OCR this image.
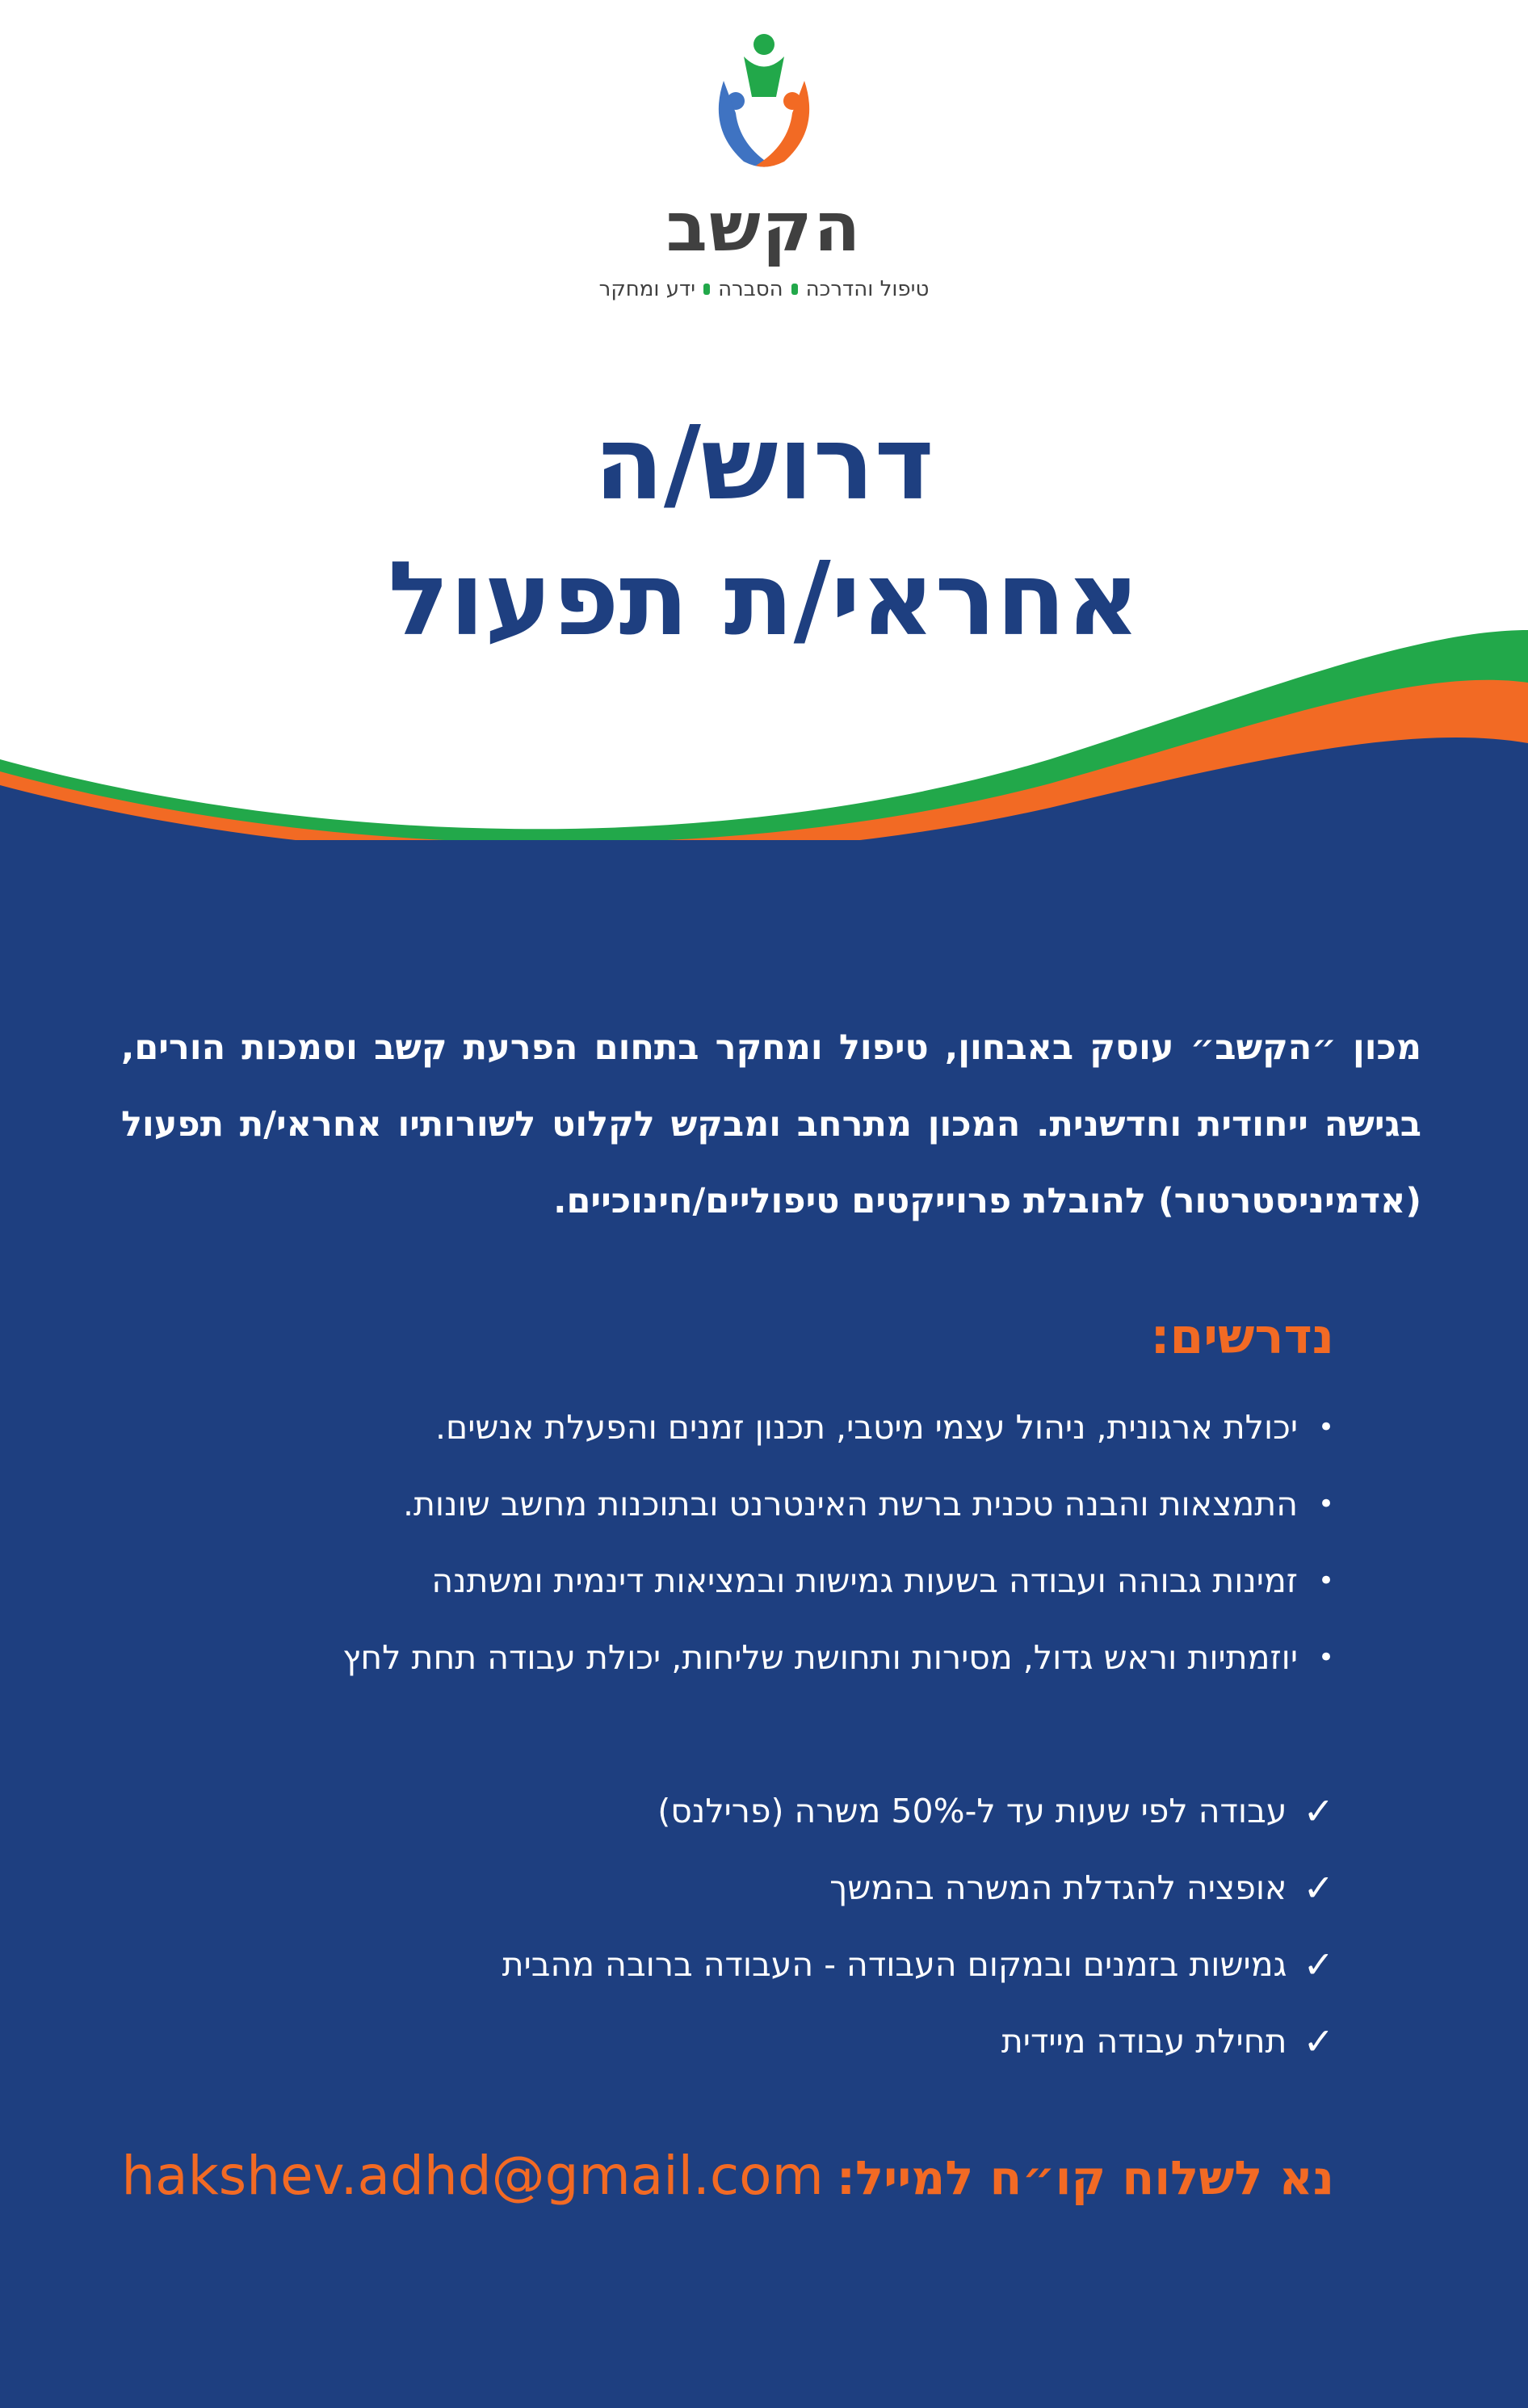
הקשב
טיפול והדרכה
הסברה
ידע ומחקר
דרוש/ה
אחראי/ת תפעול
מכון ״הקשב״ עוסק באבחון, טיפול ומחקר בתחום הפרעת קשב וסמכות הורים, בגישה ייחודית וחדשנית. המכון מתרחב ומבקש לקלוט לשורותיו אחראי/ת תפעול (אדמיניסטרטור) להובלת פרוייקטים טיפוליים/חינוכיים.
נדרשים:
•
יכולת ארגונית, ניהול עצמי מיטבי, תכנון זמנים והפעלת אנשים.
•
התמצאות והבנה טכנית ברשת האינטרנט ובתוכנות מחשב שונות.
•
זמינות גבוהה ועבודה בשעות גמישות ובמציאות דינמית ומשתנה
•
יוזמתיות וראש גדול, מסירות ותחושת שליחות, יכולת עבודה תחת לחץ
✓
עבודה לפי שעות עד ל-50% משרה (פרילנס)
✓
אופציה להגדלת המשרה בהמשך
✓
גמישות בזמנים ובמקום העבודה - העבודה ברובה מהבית
✓
תחילת עבודה מיידית
נא לשלוח קו״ח למייל:
hakshev.adhd@gmail.com
